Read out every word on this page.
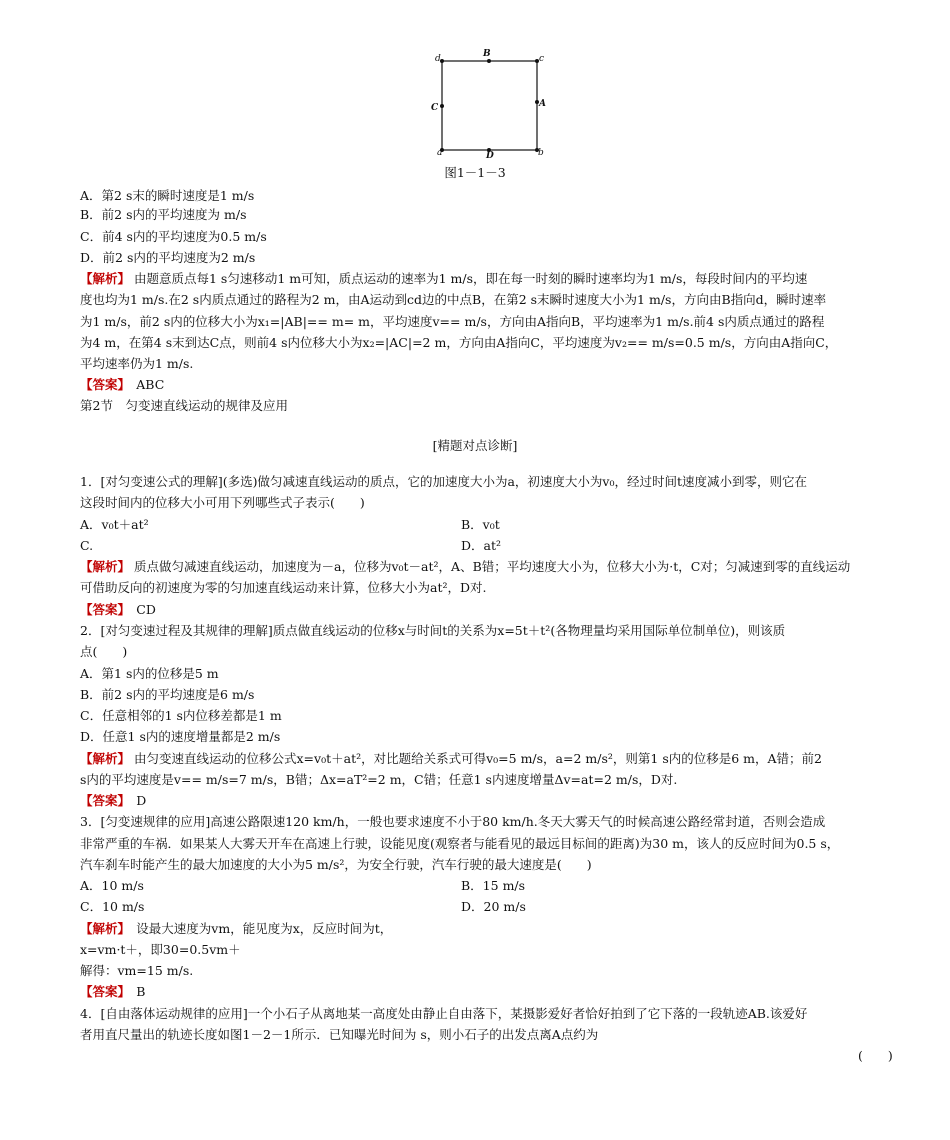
d	B	c
C	A
a	D	b
图1－1－3
A．第2 s末的瞬时速度是1 m/s
B．前2 s内的平均速度为 m/s
C．前4 s内的平均速度为0.5 m/s
D．前2 s内的平均速度为2 m/s
【解析】 由题意质点每1 s匀速移动1 m可知，质点运动的速率为1 m/s，即在每一时刻的瞬时速率均为1 m/s，每段时间内的平均速
度也均为1 m/s.在2 s内质点通过的路程为2 m，由A运动到cd边的中点B，在第2 s末瞬时速度大小为1 m/s，方向由B指向d，瞬时速率
为1 m/s，前2 s内的位移大小为x₁=|AB|== m= m，平均速度v== m/s，方向由A指向B，平均速率为1 m/s.前4 s内质点通过的路程
为4 m，在第4 s末到达C点，则前4 s内位移大小为x₂=|AC|=2 m，方向由A指向C，平均速度为v₂== m/s=0.5 m/s，方向由A指向C，
平均速率仍为1 m/s.
【答案】　 ABC
第2节　匀变速直线运动的规律及应用
[精题对点诊断]
1．[对匀变速公式的理解](多选)做匀减速直线运动的质点，它的加速度大小为a，初速度大小为v₀，经过时间t速度减小到零，则它在
这段时间内的位移大小可用下列哪些式子表示(　　)
A．v₀t＋at²	B．v₀t
C.	D．at²
【解析】 质点做匀减速直线运动，加速度为－a，位移为v₀t－at²，A、B错；平均速度大小为，位移大小为·t，C对；匀减速到零的直线运动
可借助反向的初速度为零的匀加速直线运动来计算，位移大小为at²，D对.
【答案】　 CD
2．[对匀变速过程及其规律的理解]质点做直线运动的位移x与时间t的关系为x=5t＋t²(各物理量均采用国际单位制单位)，则该质
点(　　)
A．第1 s内的位移是5 m
B．前2 s内的平均速度是6 m/s
C．任意相邻的1 s内位移差都是1 m
D．任意1 s内的速度增量都是2 m/s
【解析】 由匀变速直线运动的位移公式x=v₀t＋at²，对比题给关系式可得v₀=5 m/s，a=2 m/s²，则第1 s内的位移是6 m，A错；前2
s内的平均速度是v== m/s=7 m/s，B错；Δx=aT²=2 m，C错；任意1 s内速度增量Δv=at=2 m/s，D对.
【答案】　 D
3．[匀变速规律的应用]高速公路限速120 km/h，一般也要求速度不小于80 km/h.冬天大雾天气的时候高速公路经常封道，否则会造成
非常严重的车祸．如果某人大雾天开车在高速上行驶，设能见度(观察者与能看见的最远目标间的距离)为30 m，该人的反应时间为0.5 s，
汽车刹车时能产生的最大加速度的大小为5 m/s²，为安全行驶，汽车行驶的最大速度是(　　)
A．10 m/s	B．15 m/s
C．10 m/s	D．20 m/s
【解析】　 设最大速度为vm，能见度为x，反应时间为t，
x=vm·t＋，即30=0.5vm＋
解得：vm=15 m/s.
【答案】　 B
4．[自由落体运动规律的应用]一个小石子从离地某一高度处由静止自由落下，某摄影爱好者恰好拍到了它下落的一段轨迹AB.该爱好
者用直尺量出的轨迹长度如图1－2－1所示．已知曝光时间为 s，则小石子的出发点离A点约为
(　　)
